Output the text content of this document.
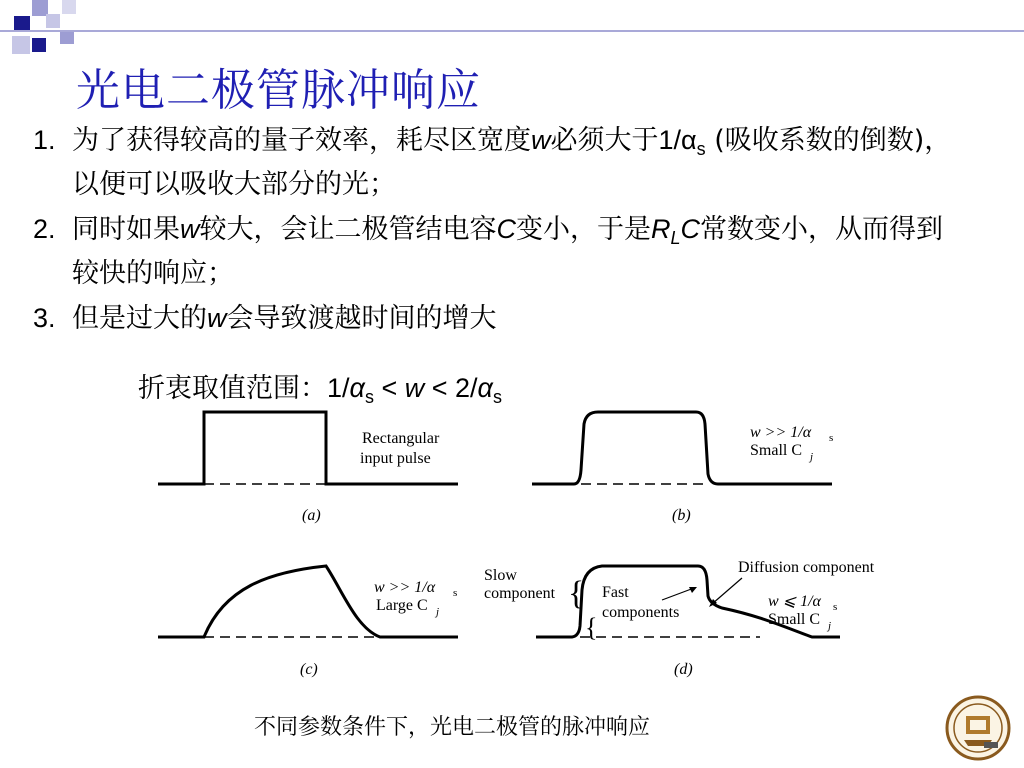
光电二极管脉冲响应
1. 为了获得较高的量子效率，耗尽区宽度w必须大于$1/\alpha_s$ (吸收系数的倒数)，以便可以吸收大部分的光；
2. 同时如果w较大，会让二极管结电容C变小，于是$R_LC$常数变小，从而得到较快的响应；
3. 但是过大的w会导致渡越时间的增大
折衷取值范围：$1/\alpha_s < w < 2/\alpha_s$
Rectangular
input pulse
(a)
w >> 1/α s
Small C j
(b)
w >> 1/α s
Large C j
(c)
Slow
component {
{
Fast
components
Diffusion component
w ⩽ 1/α s
Small C j
(d)
不同参数条件下，光电二极管的脉冲响应
